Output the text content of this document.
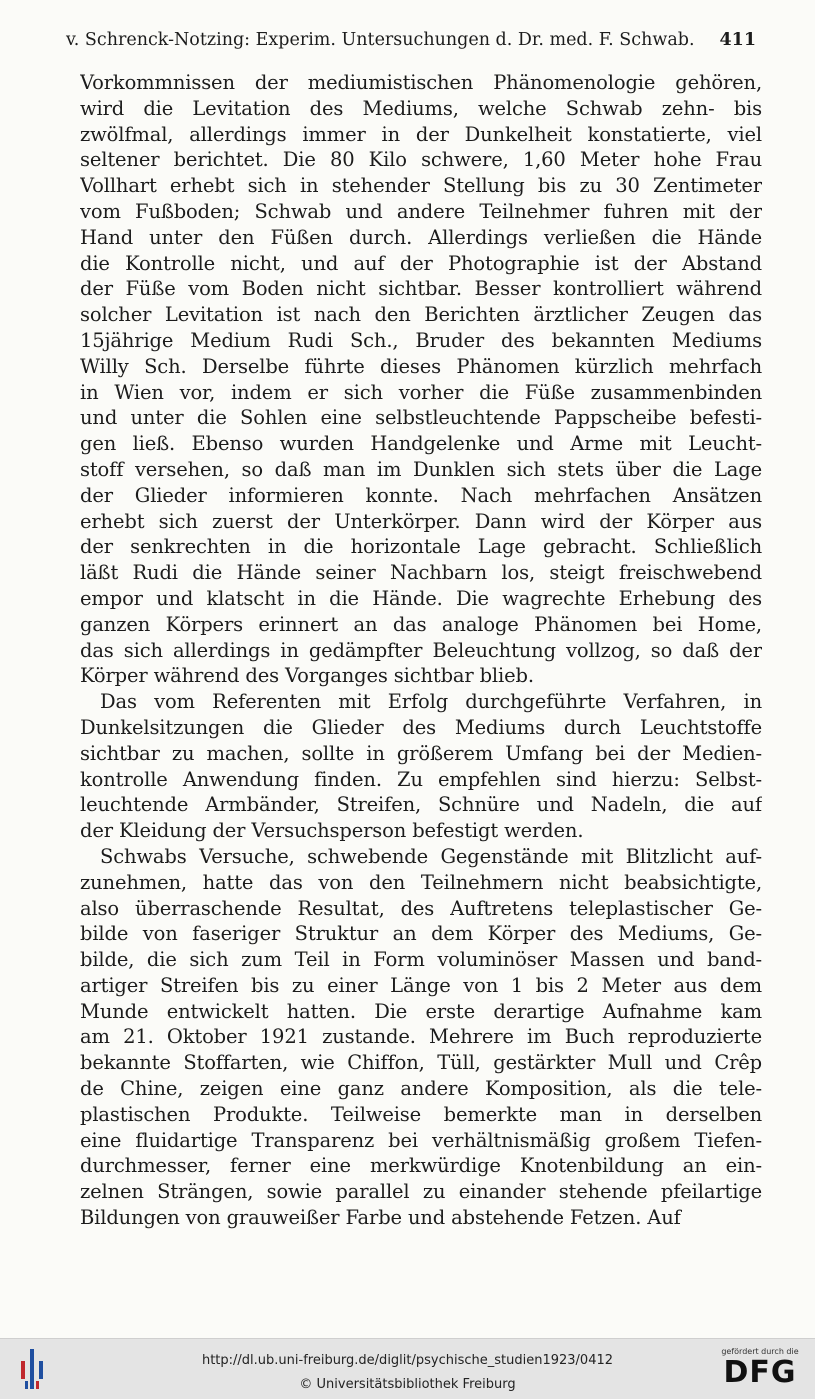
v. Schrenck-Notzing: Experim. Untersuchungen d. Dr. med. F. Schwab. 411
Vorkommnissen der mediumistischen Phänomenologie gehören,
wird die Levitation des Mediums, welche Schwab zehn- bis
zwölfmal, allerdings immer in der Dunkelheit konstatierte, viel
seltener berichtet. Die 80 Kilo schwere, 1,60 Meter hohe Frau
Vollhart erhebt sich in stehender Stellung bis zu 30 Zentimeter
vom Fußboden; Schwab und andere Teilnehmer fuhren mit der
Hand unter den Füßen durch. Allerdings verließen die Hände
die Kontrolle nicht, und auf der Photographie ist der Abstand
der Füße vom Boden nicht sichtbar. Besser kontrolliert während
solcher Levitation ist nach den Berichten ärztlicher Zeugen das
15jährige Medium Rudi Sch., Bruder des bekannten Mediums
Willy Sch. Derselbe führte dieses Phänomen kürzlich mehrfach
in Wien vor, indem er sich vorher die Füße zusammenbinden
und unter die Sohlen eine selbstleuchtende Pappscheibe befesti-
gen ließ. Ebenso wurden Handgelenke und Arme mit Leucht-
stoff versehen, so daß man im Dunklen sich stets über die Lage
der Glieder informieren konnte. Nach mehrfachen Ansätzen
erhebt sich zuerst der Unterkörper. Dann wird der Körper aus
der senkrechten in die horizontale Lage gebracht. Schließlich
läßt Rudi die Hände seiner Nachbarn los, steigt freischwebend
empor und klatscht in die Hände. Die wagrechte Erhebung des
ganzen Körpers erinnert an das analoge Phänomen bei Home,
das sich allerdings in gedämpfter Beleuchtung vollzog, so daß der
Körper während des Vorganges sichtbar blieb.
Das vom Referenten mit Erfolg durchgeführte Verfahren, in
Dunkelsitzungen die Glieder des Mediums durch Leuchtstoffe
sichtbar zu machen, sollte in größerem Umfang bei der Medien-
kontrolle Anwendung finden. Zu empfehlen sind hierzu: Selbst-
leuchtende Armbänder, Streifen, Schnüre und Nadeln, die auf
der Kleidung der Versuchsperson befestigt werden.
Schwabs Versuche, schwebende Gegenstände mit Blitzlicht auf-
zunehmen, hatte das von den Teilnehmern nicht beabsichtigte,
also überraschende Resultat, des Auftretens teleplastischer Ge-
bilde von faseriger Struktur an dem Körper des Mediums, Ge-
bilde, die sich zum Teil in Form voluminöser Massen und band-
artiger Streifen bis zu einer Länge von 1 bis 2 Meter aus dem
Munde entwickelt hatten. Die erste derartige Aufnahme kam
am 21. Oktober 1921 zustande. Mehrere im Buch reproduzierte
bekannte Stoffarten, wie Chiffon, Tüll, gestärkter Mull und Crêp
de Chine, zeigen eine ganz andere Komposition, als die tele-
plastischen Produkte. Teilweise bemerkte man in derselben
eine fluidartige Transparenz bei verhältnismäßig großem Tiefen-
durchmesser, ferner eine merkwürdige Knotenbildung an ein-
zelnen Strängen, sowie parallel zu einander stehende pfeilartige
Bildungen von grauweißer Farbe und abstehende Fetzen. Auf
http://dl.ub.uni-freiburg.de/diglit/psychische_studien1923/0412
© Universitätsbibliothek Freiburg
gefördert durch die
DFG
